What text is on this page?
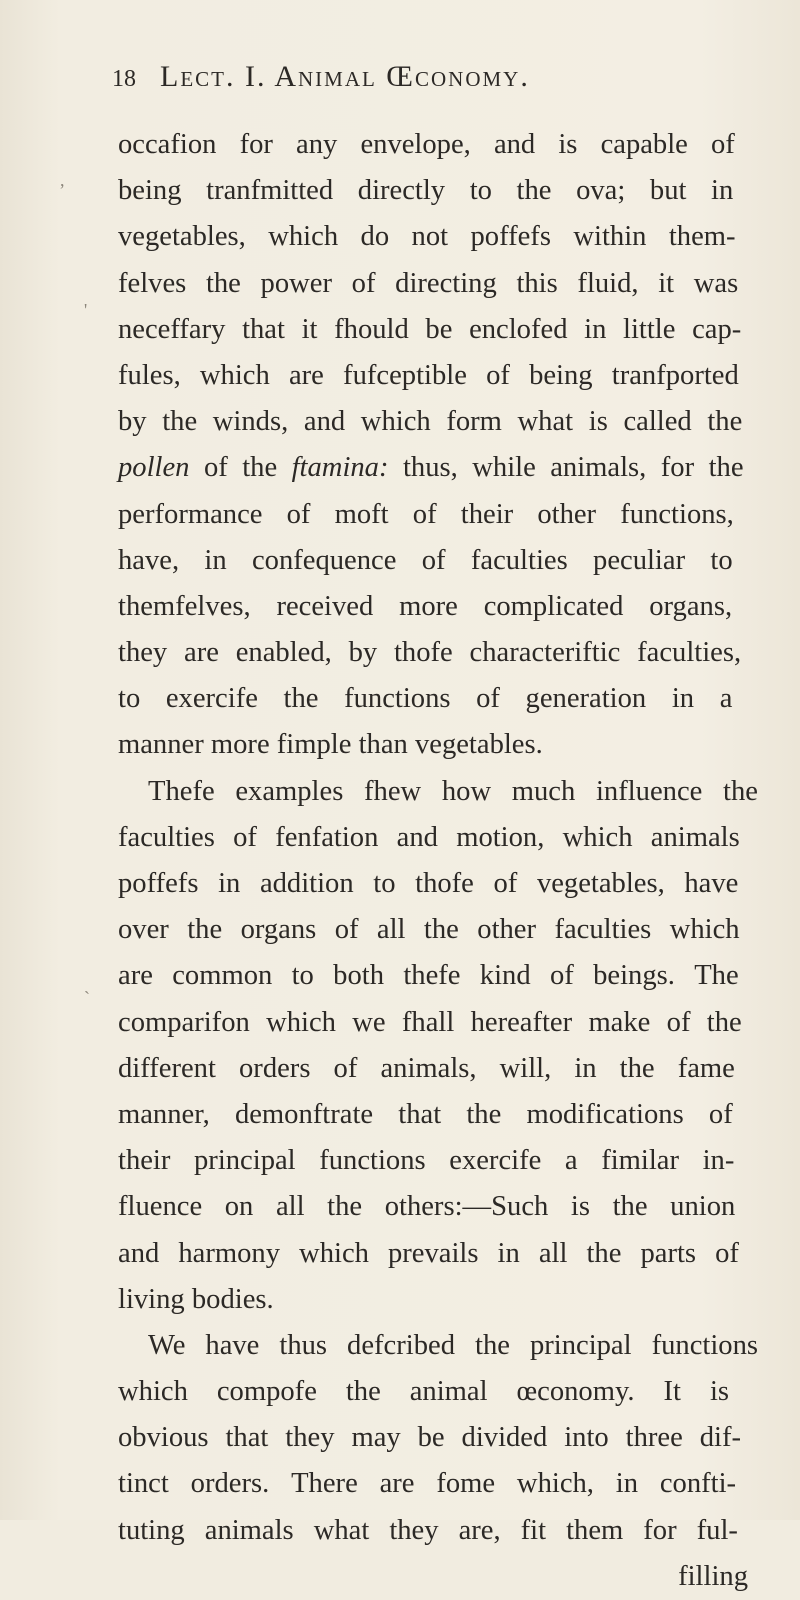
18 Lect. I. Animal Œconomy.
,
'
`
occafion for any envelope, and is capable of
being tranfmitted directly to the ova; but in
vegetables, which do not poffefs within them-
felves the power of directing this fluid, it was
neceffary that it fhould be enclofed in little cap-
fules, which are fufceptible of being tranfported
by the winds, and which form what is called the
pollen of the ftamina: thus, while animals, for the
performance of moft of their other functions,
have, in confequence of faculties peculiar to
themfelves, received more complicated organs,
they are enabled, by thofe characteriftic faculties,
to exercife the functions of generation in a
manner more fimple than vegetables.
Thefe examples fhew how much influence the
faculties of fenfation and motion, which animals
poffefs in addition to thofe of vegetables, have
over the organs of all the other faculties which
are common to both thefe kind of beings. The
comparifon which we fhall hereafter make of the
different orders of animals, will, in the fame
manner, demonftrate that the modifications of
their principal functions exercife a fimilar in-
fluence on all the others:—Such is the union
and harmony which prevails in all the parts of
living bodies.
We have thus defcribed the principal functions
which compofe the animal œconomy. It is
obvious that they may be divided into three dif-
tinct orders. There are fome which, in confti-
tuting animals what they are, fit them for ful-
filling
